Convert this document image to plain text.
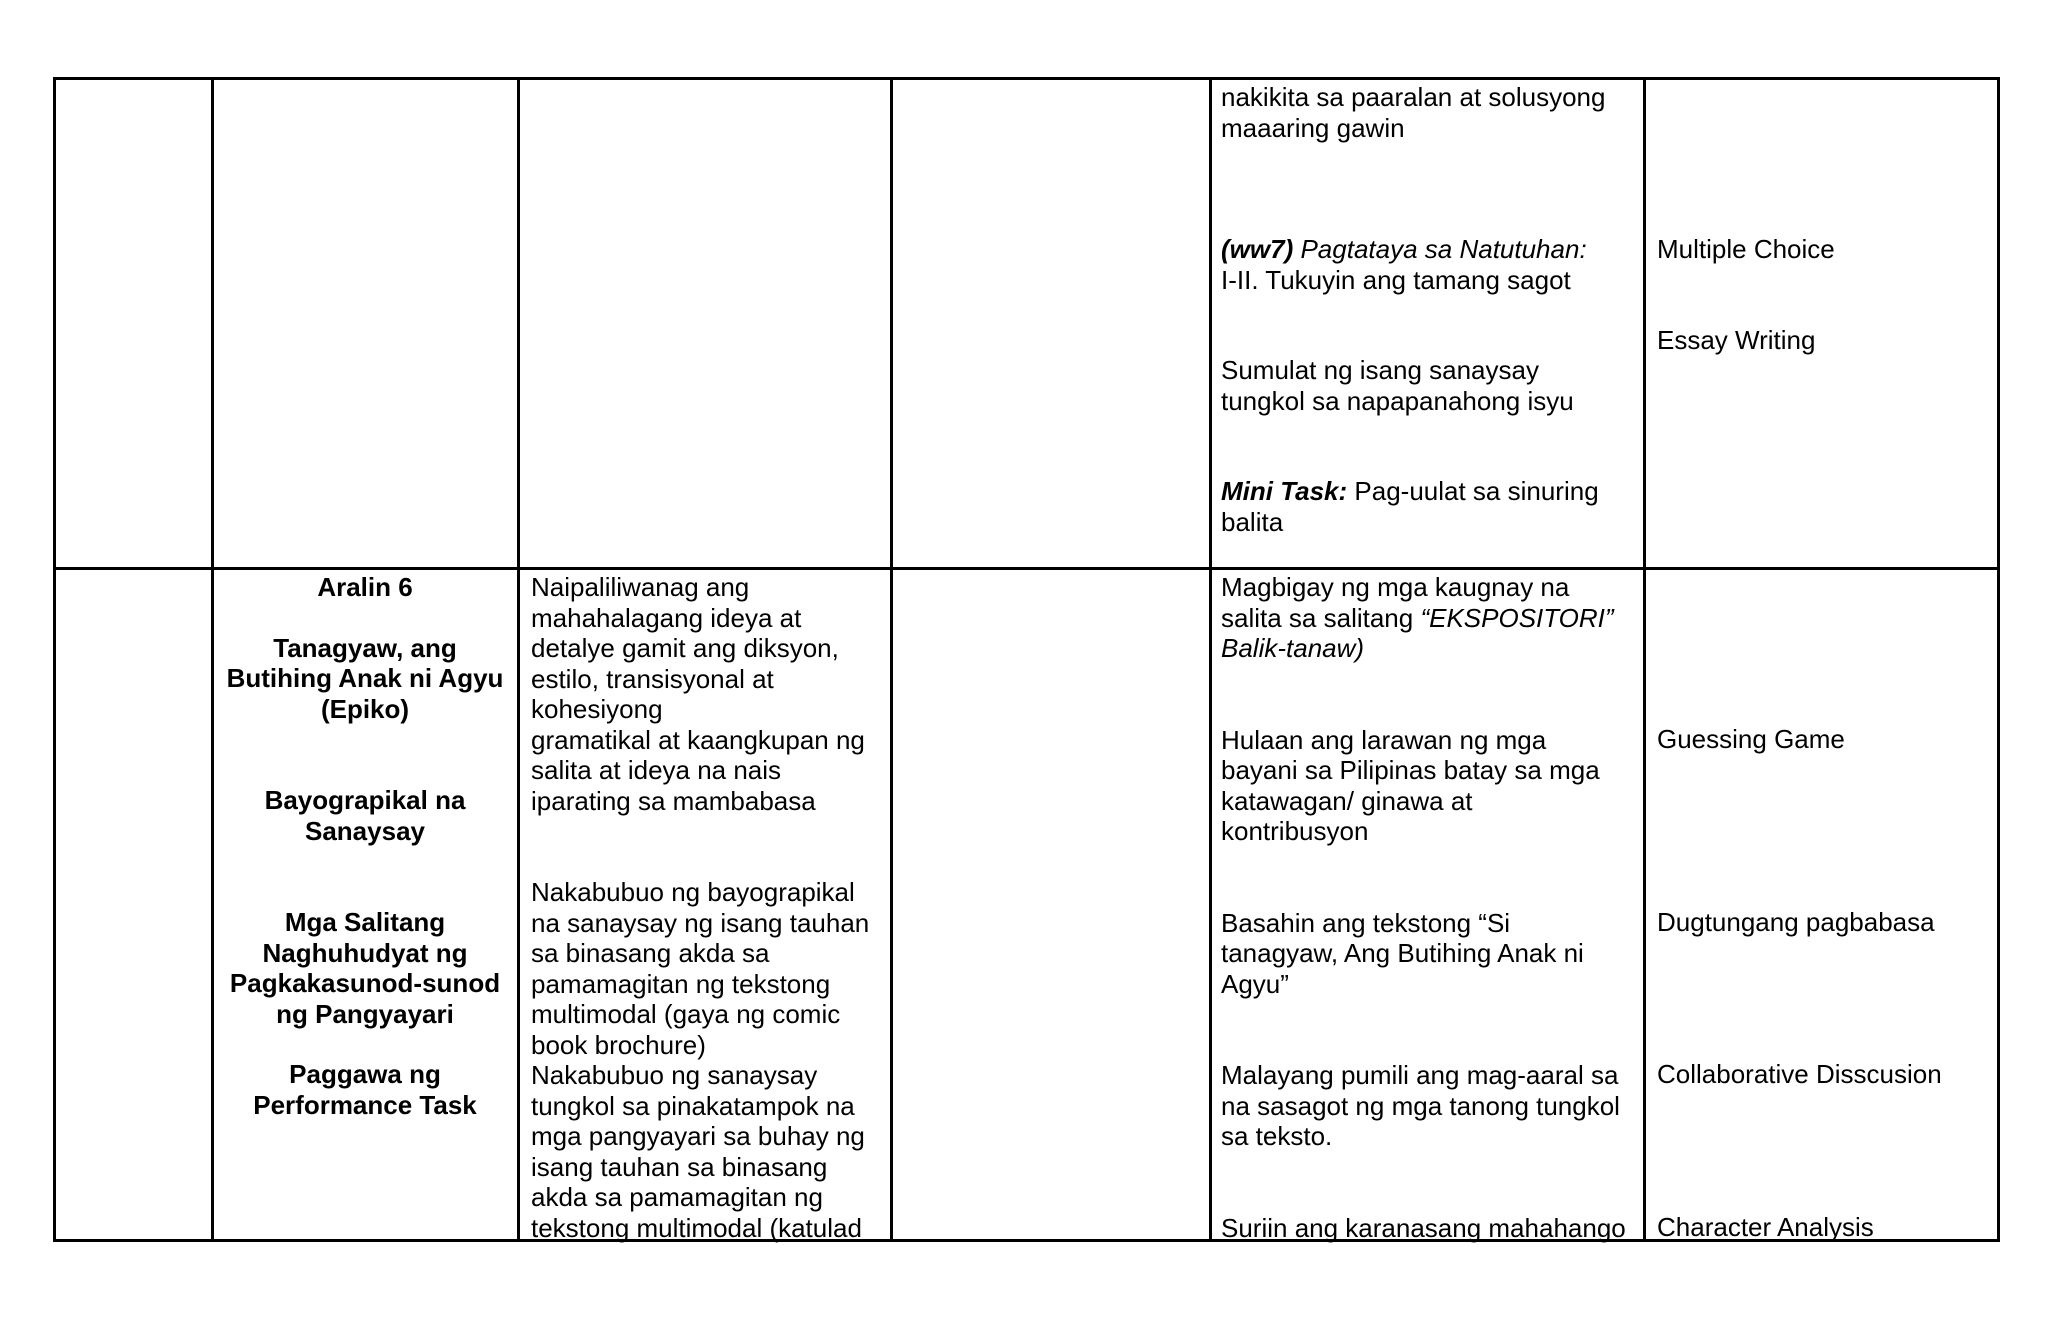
nakikita sa paaralan at solusyong
maaaring gawin

(ww7) Pagtataya sa Natutuhan:

I-II. Tukuyin ang tamang sagot

Sumulat ng isang sanaysay
tungkol sa napapanahong isyu

Mini Task: Pag-uulat sa sinuring
balita

Multiple Choice

Essay Writing

Aralin 6

Tanagyaw, ang
Butihing Anak ni Agyu
(Epiko)

Bayograpikal na
Sanaysay

Mga Salitang
Naghuhudyat ng
Pagkakasunod-sunod
ng Pangyayari

Paggawa ng
Performance Task

Naipaliliwanag ang
mahahalagang ideya at
detalye gamit ang diksyon,
estilo, transisyonal at
kohesiyong
gramatikal at kaangkupan ng
salita at ideya na nais
iparating sa mambabasa

Nakabubuo ng bayograpikal
na sanaysay ng isang tauhan
sa binasang akda sa
pamamagitan ng tekstong
multimodal (gaya ng comic
book brochure)

Nakabubuo ng sanaysay
tungkol sa pinakatampok na
mga pangyayari sa buhay ng
isang tauhan sa binasang
akda sa pamamagitan ng
tekstong multimodal (katulad

Magbigay ng mga kaugnay na
salita sa salitang “EKSPOSITORI”
Balik-tanaw)

Hulaan ang larawan ng mga
bayani sa Pilipinas batay sa mga
katawagan/ ginawa at
kontribusyon

Basahin ang tekstong “Si
tanagyaw, Ang Butihing Anak ni
Agyu”

Malayang pumili ang mag-aaral sa
na sasagot ng mga tanong tungkol
sa teksto.

Suriin ang karanasang mahahango

Guessing Game

Dugtungang pagbabasa

Collaborative Disscusion

Character Analysis
